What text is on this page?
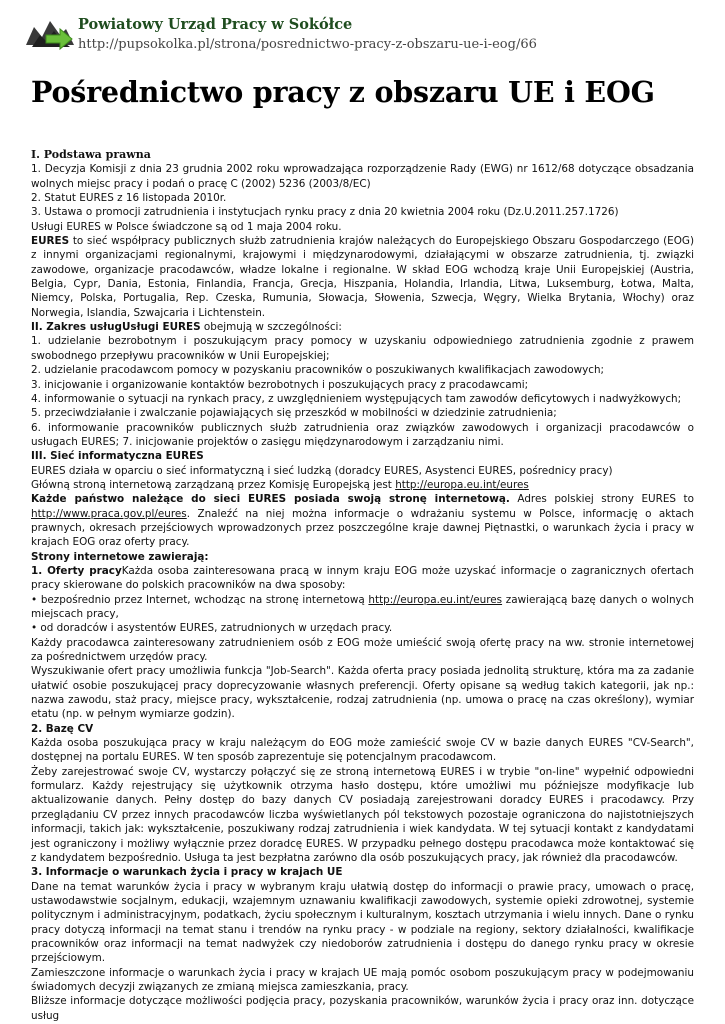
Powiatowy Urząd Pracy w Sokółce
http://pupsokolka.pl/strona/posrednictwo-pracy-z-obszaru-ue-i-eog/66
Pośrednictwo pracy z obszaru UE i EOG

I. Podstawa prawna

1. Decyzja Komisji z dnia 23 grudnia 2002 roku wprowadzająca rozporządzenie Rady (EWG) nr 1612/68 dotyczące obsadzania wolnych miejsc pracy i podań o pracę C (2002) 5236 (2003/8/EC)

2. Statut EURES z 16 listopada 2010r.

3. Ustawa o promocji zatrudnienia i instytucjach rynku pracy z dnia 20 kwietnia 2004 roku (Dz.U.2011.257.1726)

Usługi EURES w Polsce świadczone są od 1 maja 2004 roku.

EURES to sieć współpracy publicznych służb zatrudnienia krajów należących do Europejskiego Obszaru Gospodarczego (EOG) z innymi organizacjami regionalnymi, krajowymi i międzynarodowymi, działającymi w obszarze zatrudnienia, tj. związki zawodowe, organizacje pracodawców, władze lokalne i regionalne. W skład EOG wchodzą kraje Unii Europejskiej (Austria, Belgia, Cypr, Dania, Estonia, Finlandia, Francja, Grecja, Hiszpania, Holandia, Irlandia, Litwa, Luksemburg, Łotwa, Malta, Niemcy, Polska, Portugalia, Rep. Czeska, Rumunia, Słowacja, Słowenia, Szwecja, Węgry, Wielka Brytania, Włochy) oraz Norwegia, Islandia, Szwajcaria i Lichtenstein.

II. Zakres usługUsługi EURES obejmują w szczególności:

1. udzielanie bezrobotnym i poszukującym pracy pomocy w uzyskaniu odpowiedniego zatrudnienia zgodnie z prawem swobodnego przepływu pracowników w Unii Europejskiej;

2. udzielanie pracodawcom pomocy w pozyskaniu pracowników o poszukiwanych kwalifikacjach zawodowych;

3. inicjowanie i organizowanie kontaktów bezrobotnych i poszukujących pracy z pracodawcami;

4. informowanie o sytuacji na rynkach pracy, z uwzględnieniem występujących tam zawodów deficytowych i nadwyżkowych;

5. przeciwdziałanie i zwalczanie pojawiających się przeszkód w mobilności w dziedzinie zatrudnienia;

6. informowanie pracowników publicznych służb zatrudnienia oraz związków zawodowych i organizacji pracodawców o usługach EURES; 7. inicjowanie projektów o zasięgu międzynarodowym i zarządzaniu nimi.

III. Sieć informatyczna EURES

EURES działa w oparciu o sieć informatyczną i sieć ludzką (doradcy EURES, Asystenci EURES, pośrednicy pracy)

Główną stroną internetową zarządzaną przez Komisję Europejską jest http://europa.eu.int/eures

Każde państwo należące do sieci EURES posiada swoją stronę internetową. Adres polskiej strony EURES to http://www.praca.gov.pl/eures. Znaleźć na niej można informacje o wdrażaniu systemu w Polsce, informację o aktach prawnych, okresach przejściowych wprowadzonych przez poszczególne kraje dawnej Piętnastki, o warunkach życia i pracy w krajach EOG oraz oferty pracy.

Strony internetowe zawierają:

1. Oferty pracyKażda osoba zainteresowana pracą w innym kraju EOG może uzyskać informacje o zagranicznych ofertach pracy skierowane do polskich pracowników na dwa sposoby:

• bezpośrednio przez Internet, wchodząc na stronę internetową http://europa.eu.int/eures zawierającą bazę danych o wolnych miejscach pracy,

• od doradców i asystentów EURES, zatrudnionych w urzędach pracy.

Każdy pracodawca zainteresowany zatrudnieniem osób z EOG może umieścić swoją ofertę pracy na ww. stronie internetowej za pośrednictwem urzędów pracy.

Wyszukiwanie ofert pracy umożliwia funkcja "Job-Search". Każda oferta pracy posiada jednolitą strukturę, która ma za zadanie ułatwić osobie poszukującej pracy doprecyzowanie własnych preferencji. Oferty opisane są według takich kategorii, jak np.: nazwa zawodu, staż pracy, miejsce pracy, wykształcenie, rodzaj zatrudnienia (np. umowa o pracę na czas określony), wymiar etatu (np. w pełnym wymiarze godzin).

2. Bazę CV

Każda osoba poszukująca pracy w kraju należącym do EOG może zamieścić swoje CV w bazie danych EURES "CV-Search", dostępnej na portalu EURES. W ten sposób zaprezentuje się potencjalnym pracodawcom.

Żeby zarejestrować swoje CV, wystarczy połączyć się ze stroną internetową EURES i w trybie "on-line" wypełnić odpowiedni formularz. Każdy rejestrujący się użytkownik otrzyma hasło dostępu, które umożliwi mu późniejsze modyfikacje lub aktualizowanie danych. Pełny dostęp do bazy danych CV posiadają zarejestrowani doradcy EURES i pracodawcy. Przy przeglądaniu CV przez innych pracodawców liczba wyświetlanych pól tekstowych pozostaje ograniczona do najistotniejszych informacji, takich jak: wykształcenie, poszukiwany rodzaj zatrudnienia i wiek kandydata. W tej sytuacji kontakt z kandydatami jest ograniczony i możliwy wyłącznie przez doradcę EURES. W przypadku pełnego dostępu pracodawca może kontaktować się z kandydatem bezpośrednio. Usługa ta jest bezpłatna zarówno dla osób poszukujących pracy, jak również dla pracodawców.

3. Informacje o warunkach życia i pracy w krajach UE

Dane na temat warunków życia i pracy w wybranym kraju ułatwią dostęp do informacji o prawie pracy, umowach o pracę, ustawodawstwie socjalnym, edukacji, wzajemnym uznawaniu kwalifikacji zawodowych, systemie opieki zdrowotnej, systemie politycznym i administracyjnym, podatkach, życiu społecznym i kulturalnym, kosztach utrzymania i wielu innych. Dane o rynku pracy dotyczą informacji na temat stanu i trendów na rynku pracy - w podziale na regiony, sektory działalności, kwalifikacje pracowników oraz informacji na temat nadwyżek czy niedoborów zatrudnienia i dostępu do danego rynku pracy w okresie przejściowym.

Zamieszczone informacje o warunkach życia i pracy w krajach UE mają pomóc osobom poszukującym pracy w podejmowaniu świadomych decyzji związanych ze zmianą miejsca zamieszkania, pracy.

Bliższe informacje dotyczące możliwości podjęcia pracy, pozyskania pracowników, warunków życia i pracy oraz inn. dotyczące usług
